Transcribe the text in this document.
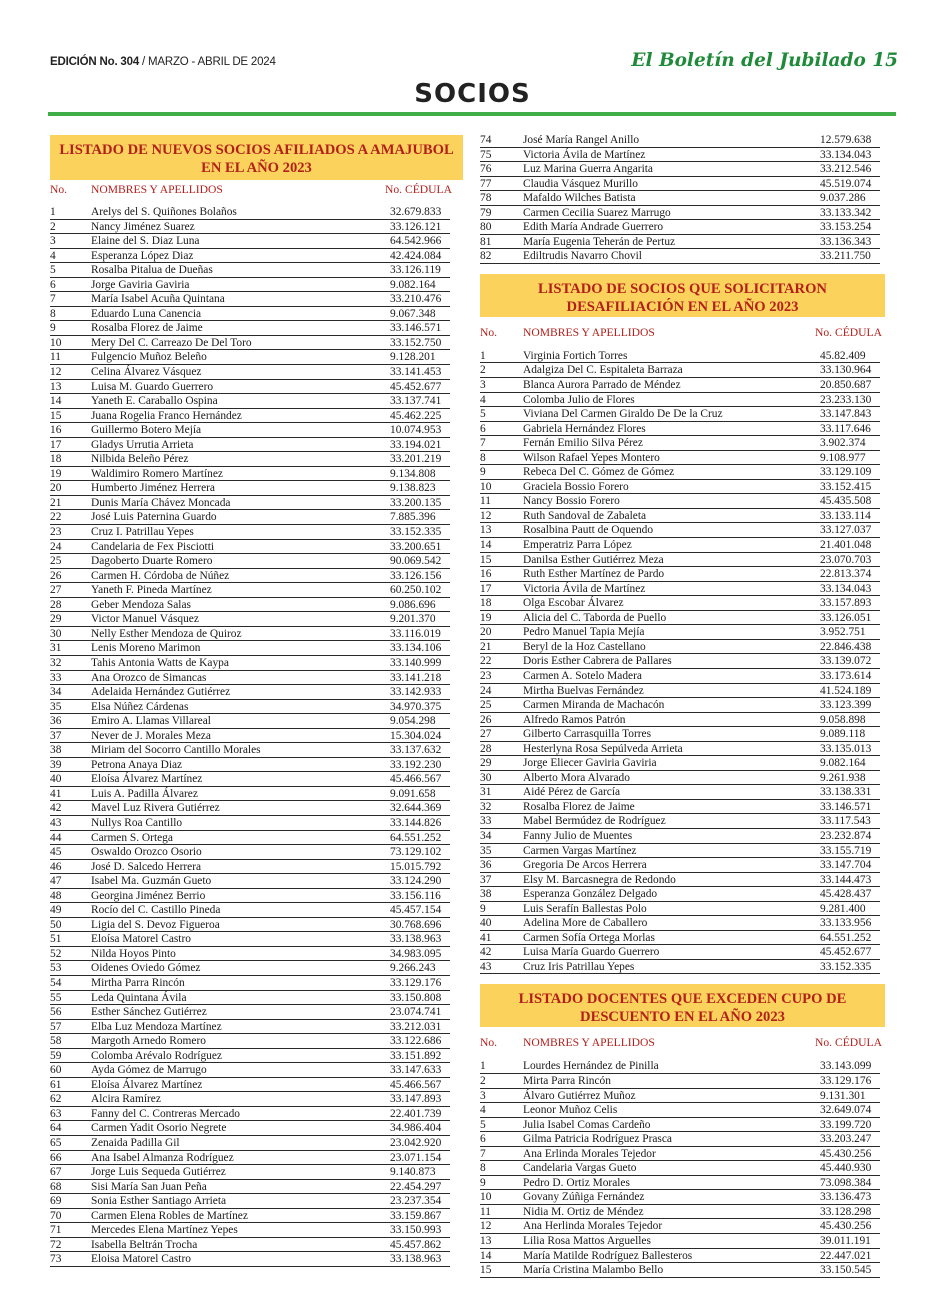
EDICIÓN No. 304 / MARZO - ABRIL DE 2024	El Boletín del Jubilado 15
SOCIOS
LISTADO DE NUEVOS SOCIOS AFILIADOS A AMAJUBOL
EN EL AÑO 2023
No. NOMBRES Y APELLIDOS	No. CÉDULA
1	Arelys del S. Quiñones Bolaños	32.679.833
2	Nancy Jiménez Suarez	33.126.121
3	Elaine del S. Diaz Luna	64.542.966
4	Esperanza López Diaz	42.424.084
5	Rosalba Pitalua de Dueñas	33.126.119
6	Jorge Gaviria Gaviria	9.082.164
7	María Isabel Acuña Quintana	33.210.476
8	Eduardo Luna Canencia	9.067.348
9	Rosalba Florez de Jaime	33.146.571
10	Mery Del C. Carreazo De Del Toro	33.152.750
11	Fulgencio Muñoz Beleño	9.128.201
12	Celina Álvarez Vásquez	33.141.453
13	Luisa M. Guardo Guerrero	45.452.677
14	Yaneth E. Caraballo Ospina	33.137.741
15	Juana Rogelia Franco Hernández	45.462.225
16	Guillermo Botero Mejía	10.074.953
17	Gladys Urrutia Arrieta	33.194.021
18	Nilbida Beleño Pérez	33.201.219
19	Waldimiro Romero Martínez	9.134.808
20	Humberto Jiménez Herrera	9.138.823
21	Dunis María Chávez Moncada	33.200.135
22	José Luis Paternina Guardo	7.885.396
23	Cruz I. Patrillau Yepes	33.152.335
24	Candelaria de Fex Pisciotti	33.200.651
25	Dagoberto Duarte Romero	90.069.542
26	Carmen H. Córdoba de Núñez	33.126.156
27	Yaneth F. Pineda Martínez	60.250.102
28	Geber Mendoza Salas	9.086.696
29	Victor Manuel Vásquez	9.201.370
30	Nelly Esther Mendoza de Quiroz	33.116.019
31	Lenis Moreno Marimon	33.134.106
32	Tahis Antonia Watts de Kaypa	33.140.999
33	Ana Orozco de Simancas	33.141.218
34	Adelaida Hernández Gutiérrez	33.142.933
35	Elsa Núñez Cárdenas	34.970.375
36	Emiro A. Llamas Villareal	9.054.298
37	Never de J. Morales Meza	15.304.024
38	Miriam del Socorro Cantillo Morales	33.137.632
39	Petrona Anaya Diaz	33.192.230
40	Eloísa Álvarez Martínez	45.466.567
41	Luis A. Padilla Álvarez	9.091.658
42	Mavel Luz Rivera Gutiérrez	32.644.369
43	Nullys Roa Cantillo	33.144.826
44	Carmen S. Ortega	64.551.252
45	Oswaldo Orozco Osorio	73.129.102
46	José D. Salcedo Herrera	15.015.792
47	Isabel Ma. Guzmán Gueto	33.124.290
48	Georgina Jiménez Berrio	33.156.116
49	Rocío del C. Castillo Pineda	45.457.154
50	Ligia del S. Devoz Figueroa	30.768.696
51	Eloísa Matorel Castro	33.138.963
52	Nilda Hoyos Pinto	34.983.095
53	Oidenes Oviedo Gómez	9.266.243
54	Mirtha Parra Rincón	33.129.176
55	Leda Quintana Ávila	33.150.808
56	Esther Sánchez Gutiérrez	23.074.741
57	Elba Luz Mendoza Martínez	33.212.031
58	Margoth Arnedo Romero	33.122.686
59	Colomba Arévalo Rodríguez	33.151.892
60	Ayda Gómez de Marrugo	33.147.633
61	Eloísa Álvarez Martínez	45.466.567
62	Alcira Ramírez	33.147.893
63	Fanny del C. Contreras Mercado	22.401.739
64	Carmen Yadit Osorio Negrete	34.986.404
65	Zenaida Padilla Gil	23.042.920
66	Ana Isabel Almanza Rodríguez	23.071.154
67	Jorge Luis Sequeda Gutiérrez	9.140.873
68	Sisi María San Juan Peña	22.454.297
69	Sonia Esther Santiago Arrieta	23.237.354
70	Carmen Elena Robles de Martínez	33.159.867
71	Mercedes Elena Martínez Yepes	33.150.993
72	Isabella Beltrán Trocha	45.457.862
73	Eloisa Matorel Castro	33.138.963
74	José María Rangel Anillo	12.579.638
75	Victoria Ávila de Martínez	33.134.043
76	Luz Marina Guerra Angarita	33.212.546
77	Claudia Vásquez Murillo	45.519.074
78	Mafaldo Wilches Batista	9.037.286
79	Carmen Cecilia Suarez Marrugo	33.133.342
80	Edith María Andrade Guerrero	33.153.254
81	María Eugenia Teherán de Pertuz	33.136.343
82	Ediltrudis Navarro Chovil	33.211.750
LISTADO DE SOCIOS QUE SOLICITARON
DESAFILIACIÓN EN EL AÑO 2023
No. NOMBRES Y APELLIDOS	No. CÉDULA
1	Virginia Fortich Torres	45.82.409
2	Adalgiza Del C. Espitaleta Barraza	33.130.964
3	Blanca Aurora Parrado de Méndez	20.850.687
4	Colomba Julio de Flores	23.233.130
5	Viviana Del Carmen Giraldo De De la Cruz	33.147.843
6	Gabriela Hernández Flores	33.117.646
7	Fernán Emilio Silva Pérez	3.902.374
8	Wilson Rafael Yepes Montero	9.108.977
9	Rebeca Del C. Gómez de Gómez	33.129.109
10	Graciela Bossio Forero	33.152.415
11	Nancy Bossio Forero	45.435.508
12	Ruth Sandoval de Zabaleta	33.133.114
13	Rosalbina Pautt de Oquendo	33.127.037
14	Emperatriz Parra López	21.401.048
15	Danilsa Esther Gutiérrez Meza	23.070.703
16	Ruth Esther Martínez de Pardo	22.813.374
17	Victoria Ávila de Martínez	33.134.043
18	Olga Escobar Álvarez	33.157.893
19	Alicia del C. Taborda de Puello	33.126.051
20	Pedro Manuel Tapia Mejía	3.952.751
21	Beryl de la Hoz Castellano	22.846.438
22	Doris Esther Cabrera de Pallares	33.139.072
23	Carmen A. Sotelo Madera	33.173.614
24	Mirtha Buelvas Fernández	41.524.189
25	Carmen Miranda de Machacón	33.123.399
26	Alfredo Ramos Patrón	9.058.898
27	Gilberto Carrasquilla Torres	9.089.118
28	Hesterlyna Rosa Sepúlveda Arrieta	33.135.013
29	Jorge Eliecer Gaviria Gaviria	9.082.164
30	Alberto Mora Alvarado	9.261.938
31	Aidé Pérez de García	33.138.331
32	Rosalba Florez de Jaime	33.146.571
33	Mabel Bermúdez de Rodríguez	33.117.543
34	Fanny Julio de Muentes	23.232.874
35	Carmen Vargas Martínez	33.155.719
36	Gregoria De Arcos Herrera	33.147.704
37	Elsy M. Barcasnegra de Redondo	33.144.473
38	Esperanza González Delgado	45.428.437
9	Luis Serafín Ballestas Polo	9.281.400
40	Adelina More de Caballero	33.133.956
41	Carmen Sofía Ortega Morlas	64.551.252
42	Luisa María Guardo Guerrero	45.452.677
43	Cruz Iris Patrillau Yepes	33.152.335
LISTADO DOCENTES QUE EXCEDEN CUPO DE
DESCUENTO EN EL AÑO 2023
No. NOMBRES Y APELLIDOS	No. CÉDULA
1	Lourdes Hernández de Pinilla	33.143.099
2	Mirta Parra Rincón	33.129.176
3	Álvaro Gutiérrez Muñoz	9.131.301
4	Leonor Muñoz Celis	32.649.074
5	Julia Isabel Comas Cardeño	33.199.720
6	Gilma Patricia Rodríguez Prasca	33.203.247
7	Ana Erlinda Morales Tejedor	45.430.256
8	Candelaria Vargas Gueto	45.440.930
9	Pedro D. Ortiz Morales	73.098.384
10	Govany Zúñiga Fernández	33.136.473
11	Nidia M. Ortiz de Méndez	33.128.298
12	Ana Herlinda Morales Tejedor	45.430.256
13	Lilia Rosa Mattos Arguelles	39.011.191
14	María Matilde Rodríguez Ballesteros	22.447.021
15	María Cristina Malambo Bello	33.150.545
